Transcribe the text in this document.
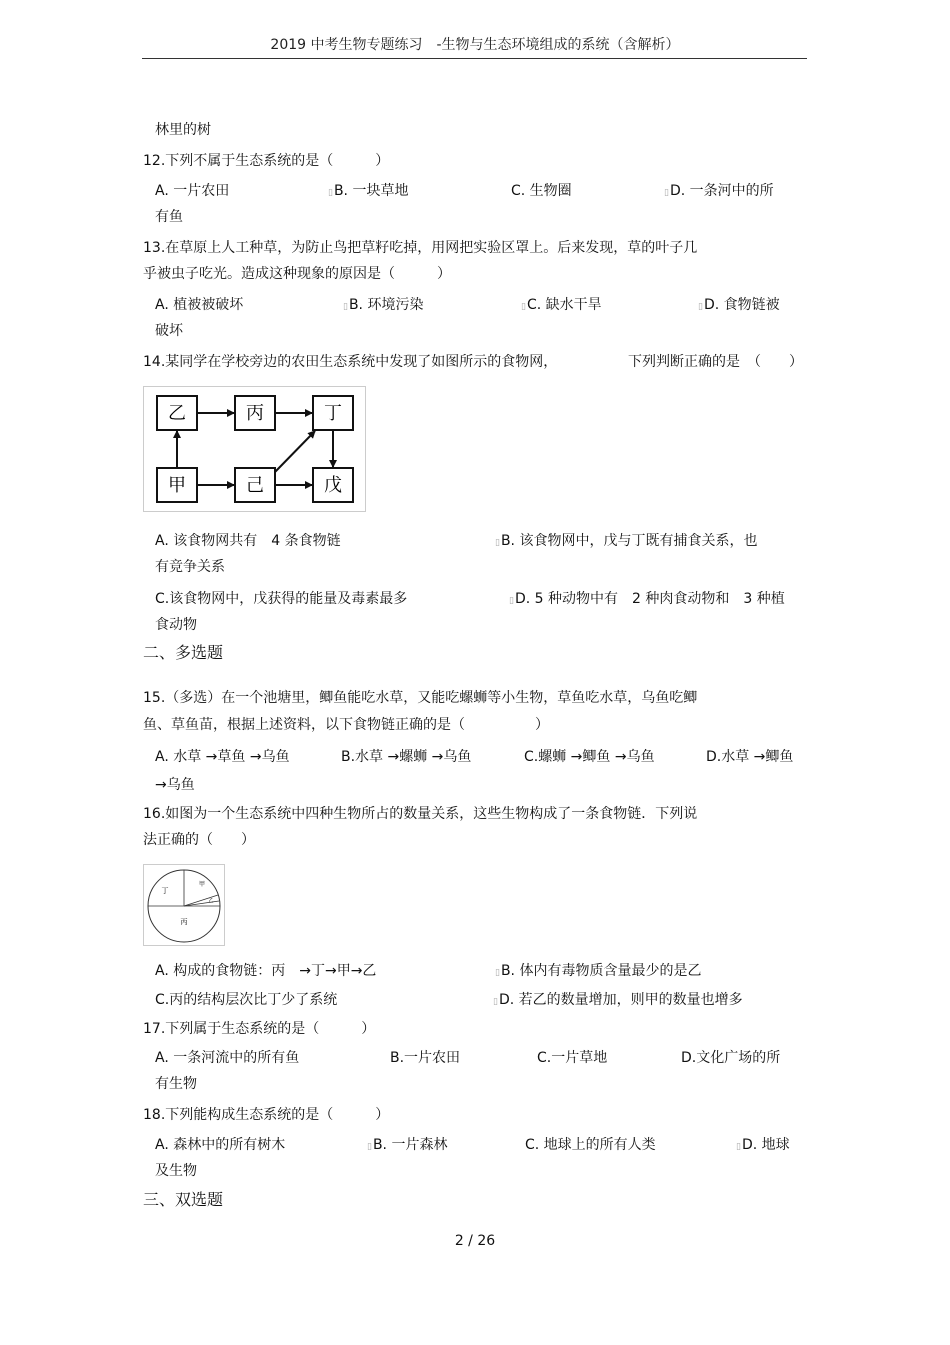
2019 中考生物专题练习　-生物与生态环境组成的系统（含解析）
林里的树
12.下列不属于生态系统的是（　　　）
A. 一片农田	▯B. 一块草地	C. 生物圈	▯D. 一条河中的所
有鱼
13.在草原上人工种草，为防止鸟把草籽吃掉，用网把实验区罩上。后来发现，草的叶子几
乎被虫子吃光。造成这种现象的原因是（　　　）
A. 植被被破坏	▯B. 环境污染	▯C. 缺水干旱	▯D. 食物链被
破坏
14.某同学在学校旁边的农田生态系统中发现了如图所示的食物网，	下列判断正确的是　（　　）
乙	丙	丁
甲	己	戊
A. 该食物网共有　4 条食物链	▯B. 该食物网中，戊与丁既有捕食关系，也
有竞争关系
C.该食物网中，戊获得的能量及毒素最多	▯D. 5 种动物中有　2 种肉食动物和　3 种植
食动物
二、多选题
15.（多选）在一个池塘里，鲫鱼能吃水草，又能吃螺蛳等小生物，草鱼吃水草，乌鱼吃鲫
鱼、草鱼苗，根据上述资料，以下食物链正确的是（　　　　　）
A. 水草 →草鱼 →乌鱼	B.水草 →螺蛳 →乌鱼	C.螺蛳 →鲫鱼 →乌鱼	D.水草 →鲫鱼
→乌鱼
16.如图为一个生态系统中四种生物所占的数量关系，这些生物构成了一条食物链．下列说
法正确的（　　）
丁
甲
乙
丙
A. 构成的食物链：丙　→丁→甲→乙	▯B. 体内有毒物质含量最少的是乙
C.丙的结构层次比丁少了系统	▯D. 若乙的数量增加，则甲的数量也增多
17.下列属于生态系统的是（　　　）
A. 一条河流中的所有鱼	B.一片农田	C.一片草地	D.文化广场的所
有生物
18.下列能构成生态系统的是（　　　）
A. 森林中的所有树木	▯B. 一片森林	C. 地球上的所有人类	▯D. 地球
及生物
三、双选题
2 / 26
